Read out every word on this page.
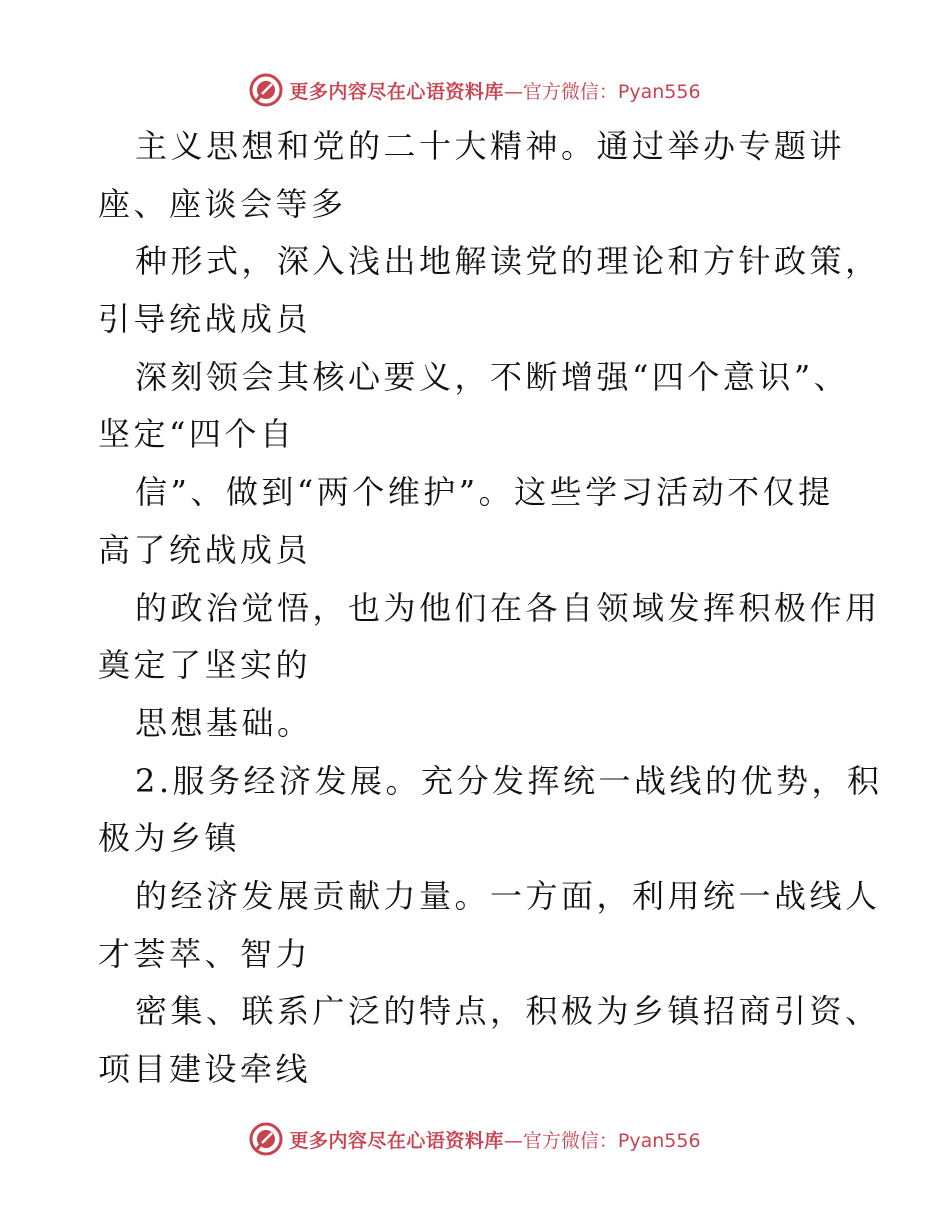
更多内容尽在心语资料库 —官方微信：Pyan556
主义思想和党的二十大精神。通过举办专题讲
座、座谈会等多
种形式，深入浅出地解读党的理论和方针政策，
引导统战成员
深刻领会其核心要义，不断增强“四个意识”、
坚定“四个自
信”、做到“两个维护”。这些学习活动不仅提
高了统战成员
的政治觉悟，也为他们在各自领域发挥积极作用
奠定了坚实的
思想基础。
2.服务经济发展。充分发挥统一战线的优势，积
极为乡镇
的经济发展贡献力量。一方面，利用统一战线人
才荟萃、智力
密集、联系广泛的特点，积极为乡镇招商引资、
项目建设牵线
更多内容尽在心语资料库 —官方微信：Pyan556
